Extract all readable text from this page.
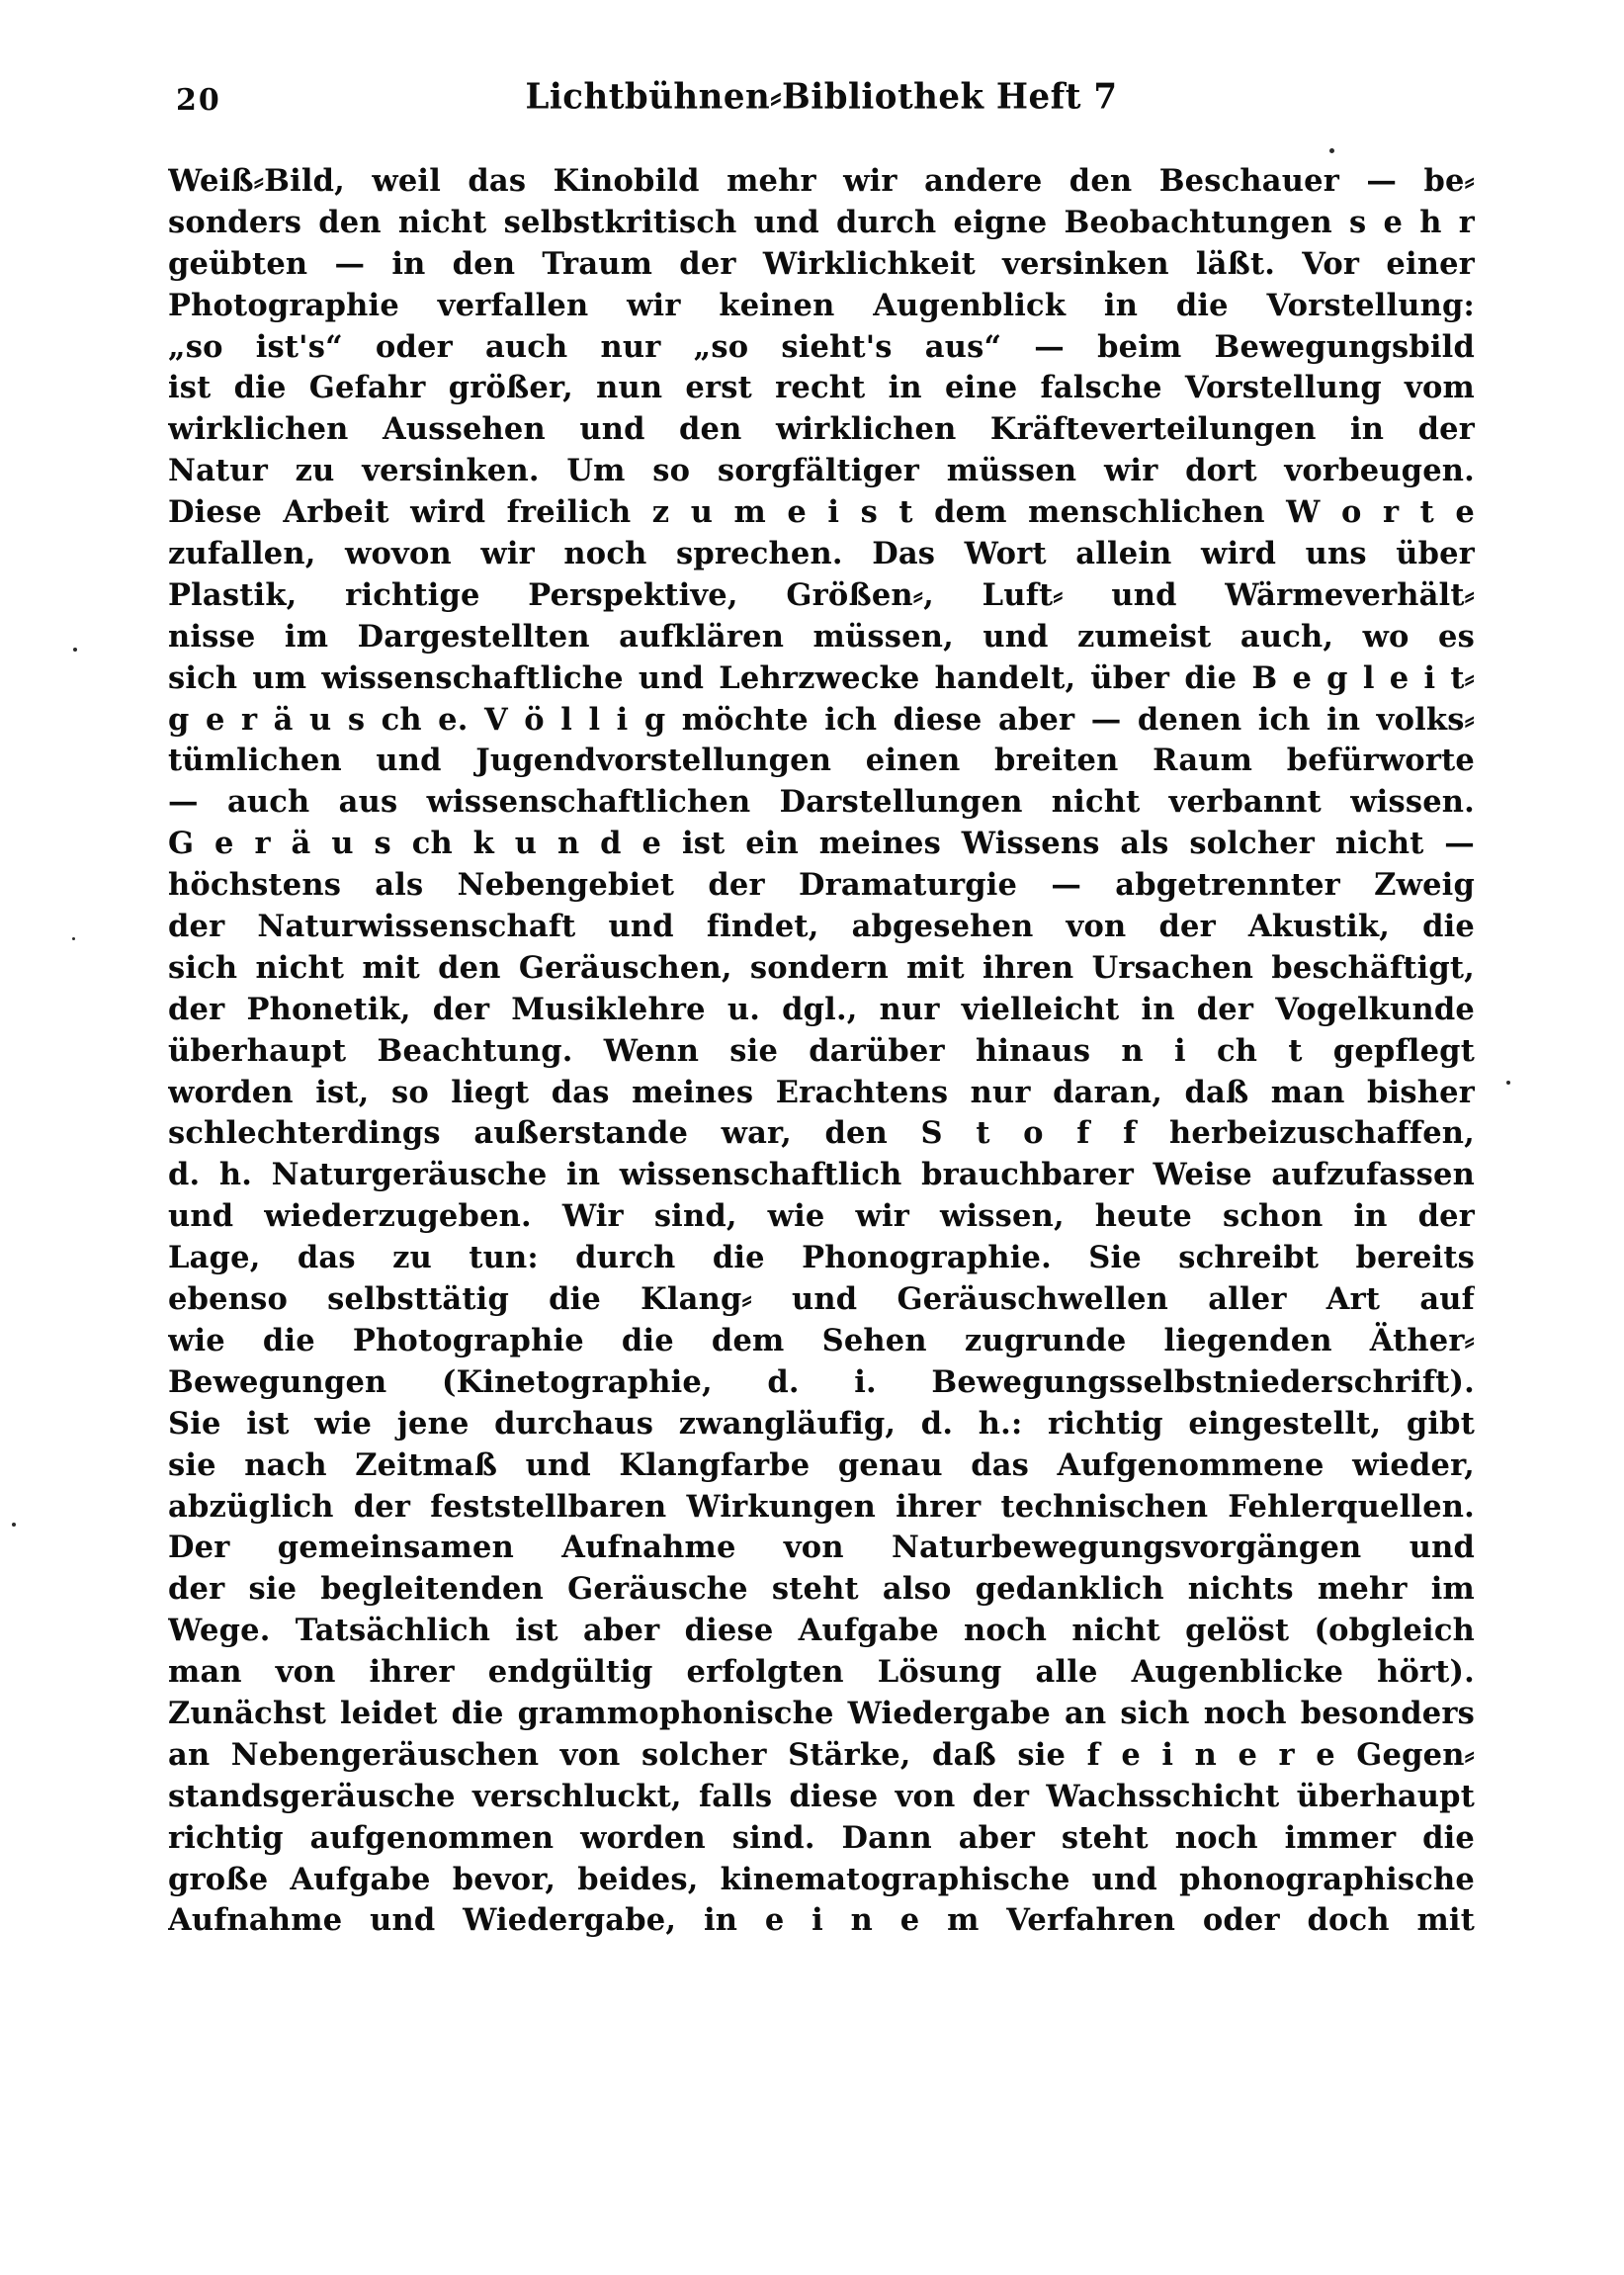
20	Lichtbühnen⸗Bibliothek Heft 7
Weiß⸗Bild, weil das Kinobild mehr wir andere den Beschauer — be⸗
sonders den nicht selbstkritisch und durch eigne Beobachtungen s e h r
geübten — in den Traum der Wirklichkeit versinken läßt. Vor einer
Photographie verfallen wir keinen Augenblick in die Vorstellung:
„so ist's“ oder auch nur „so sieht's aus“ — beim Bewegungsbild
ist die Gefahr größer, nun erst recht in eine falsche Vorstellung vom
wirklichen Aussehen und den wirklichen Kräfteverteilungen in der
Natur zu versinken. Um so sorgfältiger müssen wir dort vorbeugen.
Diese Arbeit wird freilich z u m e i s t dem menschlichen W o r t e
zufallen, wovon wir noch sprechen. Das Wort allein wird uns über
Plastik, richtige Perspektive, Größen⸗, Luft⸗ und Wärmeverhält⸗
nisse im Dargestellten aufklären müssen, und zumeist auch, wo es
sich um wissenschaftliche und Lehrzwecke handelt, über die B e g l e i t⸗
g e r ä u s ch e. V ö l l i g möchte ich diese aber — denen ich in volks⸗
tümlichen und Jugendvorstellungen einen breiten Raum befürworte
— auch aus wissenschaftlichen Darstellungen nicht verbannt wissen.
G e r ä u s ch k u n d e ist ein meines Wissens als solcher nicht —
höchstens als Nebengebiet der Dramaturgie — abgetrennter Zweig
der Naturwissenschaft und findet, abgesehen von der Akustik, die
sich nicht mit den Geräuschen, sondern mit ihren Ursachen beschäftigt,
der Phonetik, der Musiklehre u. dgl., nur vielleicht in der Vogelkunde
überhaupt Beachtung. Wenn sie darüber hinaus n i ch t gepflegt
worden ist, so liegt das meines Erachtens nur daran, daß man bisher
schlechterdings außerstande war, den S t o f f herbeizuschaffen,
d. h. Naturgeräusche in wissenschaftlich brauchbarer Weise aufzufassen
und wiederzugeben. Wir sind, wie wir wissen, heute schon in der
Lage, das zu tun: durch die Phonographie. Sie schreibt bereits
ebenso selbsttätig die Klang⸗ und Geräuschwellen aller Art auf
wie die Photographie die dem Sehen zugrunde liegenden Äther⸗
Bewegungen (Kinetographie, d. i. Bewegungsselbstniederschrift).
Sie ist wie jene durchaus zwangläufig, d. h.: richtig eingestellt, gibt
sie nach Zeitmaß und Klangfarbe genau das Aufgenommene wieder,
abzüglich der feststellbaren Wirkungen ihrer technischen Fehlerquellen.
Der gemeinsamen Aufnahme von Naturbewegungsvorgängen und
der sie begleitenden Geräusche steht also gedanklich nichts mehr im
Wege. Tatsächlich ist aber diese Aufgabe noch nicht gelöst (obgleich
man von ihrer endgültig erfolgten Lösung alle Augenblicke hört).
Zunächst leidet die grammophonische Wiedergabe an sich noch besonders
an Nebengeräuschen von solcher Stärke, daß sie f e i n e r e Gegen⸗
standsgeräusche verschluckt, falls diese von der Wachsschicht überhaupt
richtig aufgenommen worden sind. Dann aber steht noch immer die
große Aufgabe bevor, beides, kinematographische und phonographische
Aufnahme und Wiedergabe, in e i n e m Verfahren oder doch mit
